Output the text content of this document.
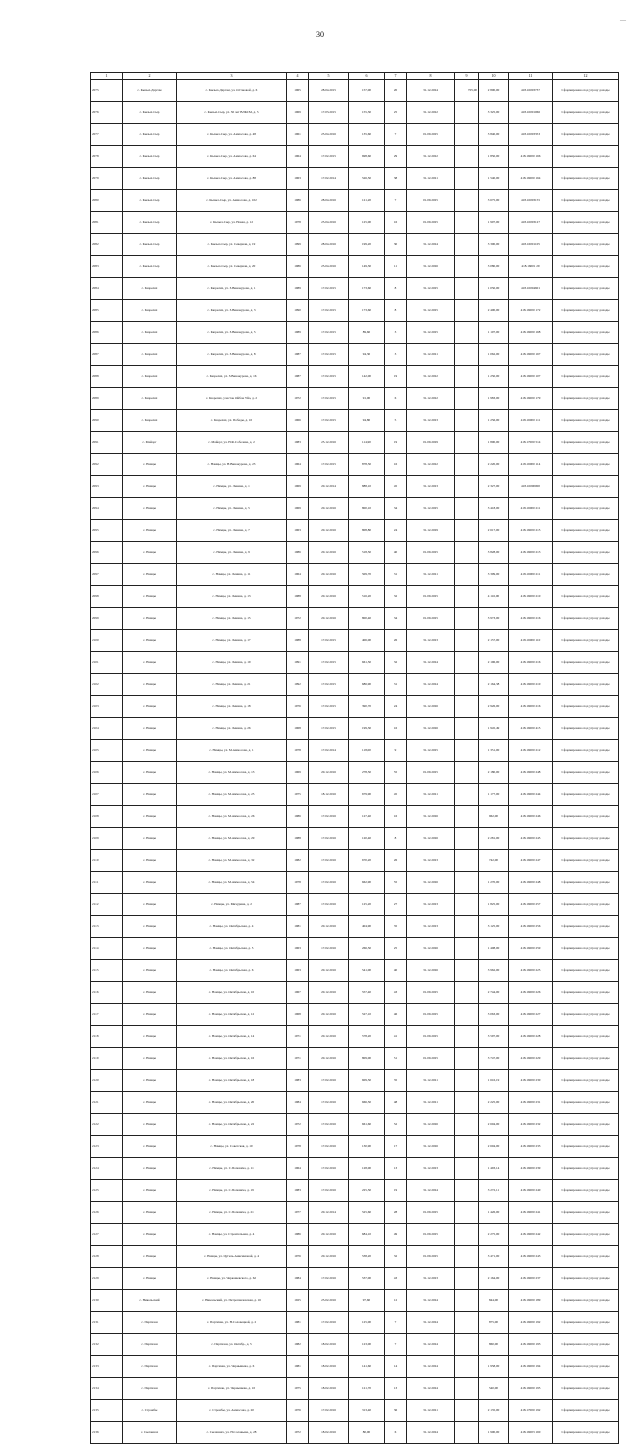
30
—
1	2	3	4	5	6	7	8	9	10	11	12
2075	с. Кызыл-Даргам	с. Кызыл-Даргам, ул. О.Гаковой, д. 6	1965	28.04.2015	157,00	20	31.12.2024	705,00	2 800,00	418.16003737	Сформировано под угрозу доходы
2076	с. Кызыл-Сыр	с. Кызыл-Сыр, ул. 30 лет ВЛКСМ, д. 5	1969	17.03.2015	155,30	25	31.12.2022		3 325,00	418.16001066	Сформировано под угрозу доходы
2077	с. Кызыл-Сыр	с. Кызыл-Сыр, ул. Аммосова, д. 48	1961	25.04.2016	135,60	7	01.09.2025		3 840,00	418.16003353	Сформировано под угрозу доходы
2078	с. Кызыл-Сыр	с. Кызыл-Сыр, ул. Аммосова, д. 64	1964	17.02.2015	698,60	29	31.12.2022		1 850,00	418.16000 166	Сформировано под угрозу доходы
2079	с. Кызыл-Сыр	с. Кызыл-Сыр, ул. Аммосова, д. 88	1963	17.02.2014	526,50	38	31.12.2021		1 540,00	418.16000 164	Сформировано под угрозу доходы
2080	с. Кызыл-Сыр	с. Кызыл-Сыр, ул. Аммосова, д. 102	1986	28.04.2016	121,20	7	01.09.2025		3 675,00	418.16003155	Сформировано под угрозу доходы
2081	с. Кызыл-Сыр	с. Кызыл-Сыр, ул. Новая, д. 12	1978	25.04.2016	125,00	16	01.09.2025		1 907,00	418.16003127	Сформировано под угрозу доходы
2082	с. Кызыл-Сыр	с. Кызыл-Сыр, ул. Северная, д. 19	1999	28.04.2016	199,20	30	31.12.2024		3 300,00	418.16001105	Сформировано под угрозу доходы
2083	с. Кызыл-Сыр	с. Кызыл-Сыр, ул. Северная, д. 20	1986	25.04.2016	149,30	11	31.12.2026		3 080,00	418.16001 29	Сформировано под угрозу доходы
2084	с. Кюрелях	с. Кюрелях, ул. З.Винокурова, д. 1	1989	17.02.2015	173,60	8	31.12.2025		1 050,00	418.16004601	Сформировано под угрозу доходы
2085	с. Кюрелях	с. Кюрелях, ул. З.Винокурова, д. 3	1990	17.02.2015	173,60	8	31.12.2025		2 400,00	418.16000 172	Сформировано под угрозу доходы
2086	с. Кюрелях	с. Кюрелях, ул. З.Винокурова, д. 5	1989	17.02.2015	89,60	3	31.12.2025		1 107,00	418.16000 168	Сформировано под угрозу доходы
2087	с. Кюрелях	с. Кюрелях, ул. З.Винокурова, д. 8	1987	17.02.2015	94,30	3	31.12.2021		1 062,00	418.16000 167	Сформировано под угрозу доходы
2088	с. Кюрелях	с. Кюрелях, ул. З.Винокурова, д. 16	1987	17.02.2015	142,00	19	31.12.2022		1 250,00	418.16000 107	Сформировано под угрозу доходы
2089	с. Кюрелях	с. Кюрелях, участок Ойбон Уйа, д. 2	1972	17.02.2015	91,00	6	31.12.2022		1 983,00	418.16000 179	Сформировано под угрозу доходы
2090	с. Кюрелях	с. Кюрелях, ул. Победы, д. 10	1966	17.02.2015	94,80	5	31.12.2023		1 256,00	418.16000 111	Сформировано под угрозу доходы
2091	с. Майорг	с. Майорг, ул. Н.Ф.Соболева, д. 2	1983	25.12.2016	114,90	19	01.09.2029		1 800,00	418.17000 514	Сформировано под угрозу доходы
2092	с. Намцы	с. Намцы, ул. Н.Винокурова, д. 23	1964	17.02.2015	878,50	16	31.12.2022		2 220,00	418.16000 114	Сформировано под угрозу доходы
2093	с. Намцы	с. Намцы, ул. Ленина, д. 1	1969	20.12.2014	888,10	45	31.12.2023		2 327,00	418.16000000	Сформировано под угрозу доходы
2094	с. Намцы	с. Намцы, ул. Ленина, д. 5	1969	20.12.2016	800,10	34	31.12.2025		3 418,00	418.16000 211	Сформировано под угрозу доходы
2095	с. Намцы	с. Намцы, ул. Ленина, д. 7	1963	20.12.2016	808,80	24	31.12.2029		2 617,00	418.16000 215	Сформировано под угрозу доходы
2096	с. Намцы	с. Намцы, ул. Ленина, д. 9	1986	20.12.2016	518,50	40	01.09.2025		3 828,00	418.16000 213	Сформировано под угрозу доходы
2097	с. Намцы	с. Намцы, ул. Ленина, д. 11	1964	20.12.2016	509,70	31	31.12.2021		3 309,00	418.16000 211	Сформировано под угрозу доходы
2098	с. Намцы	с. Намцы, ул. Ленина, д. 13	1988	20.12.2016	516,20	32	01.09.2025		4 116,00	418.16000 210	Сформировано под угрозу доходы
2099	с. Намцы	с. Намцы, ул. Ленина, д. 15	1972	20.12.2016	800,40	34	01.09.2025		3 973,00	418.16000 216	Сформировано под угрозу доходы
2100	с. Намцы	с. Намцы, ул. Ленина, д. 17	1988	17.02.2015	406,00	26	31.12.2023		2 157,00	418.16000 110	Сформировано под угрозу доходы
2101	с. Намцы	с. Намцы, ул. Ленина, д. 19	1991	17.02.2015	661,50	32	31.12.2024		2 196,00	418.16000 216	Сформировано под угрозу доходы
2102	с. Намцы	с. Намцы, ул. Ленина, д. 21	1992	17.02.2015	686,90	31	31.12.2024		2 164,38	418.16000 210	Сформировано под угрозу доходы
2103	с. Намцы	с. Намцы, ул. Ленина, д. 18	1976	17.02.2015	390,70	24	31.12.2026		2 926,00	418.16000 216	Сформировано под угрозу доходы
2104	с. Намцы	с. Намцы, ул. Ленина, д. 26	1968	17.02.2015	199,30	16	31.12.2026		1 945,49	418.16000 415	Сформировано под угрозу доходы
2105	с. Намцы	с. Намцы, ул. М.Аммосова, д. 1	1978	17.02.2014	118,00	9	31.12.2025		1 351,00	418.16000 212	Сформировано под угрозу доходы
2106	с. Намцы	с. Намцы, ул. М.Аммосова, д. 13	1969	20.12.2016	278,50	55	01.09.2025		2 180,00	418.16000 248	Сформировано под угрозу доходы
2107	с. Намцы	с. Намцы, ул. М.Аммосова, д. 25	1975	18.12.2016	679,90	45	31.12.2021		1 177,00	418.16000 244	Сформировано под угрозу доходы
2108	с. Намцы	с. Намцы, ул. М.Аммосова, д. 26	1986	17.02.2016	127,40	16	31.12.2026		962,00	418.16000 246	Сформировано под угрозу доходы
2109	с. Намцы	с. Намцы, ул. М.Аммосова, д. 29	1988	17.02.2016	120,40	8	31.12.2026		2 281,00	418.16000 245	Сформировано под угрозу доходы
2110	с. Намцы	с. Намцы, ул. М.Аммосова, д. 32	1982	17.02.2016	670,20	26	31.12.2023		742,00	418.16000 247	Сформировано под угрозу доходы
2111	с. Намцы	с. Намцы, ул. М.Аммосова, д. 54	1978	17.02.2016	662,90	55	31.12.2026		1 270,00	418.16000 248	Сформировано под угрозу доходы
2112	с. Намцы	с. Намцы, ул. Мичурина, д. 2	1987	17.02.2016	125,20	27	31.12.2023		1 825,00	418.16000 257	Сформировано под угрозу доходы
2113	с. Намцы	с. Намцы, ул. Октябрьская, д. 4	1981	20.12.2016	404,90	35	31.12.2023		3 125,00	418.16000 256	Сформировано под угрозу доходы
2114	с. Намцы	с. Намцы, ул. Октябрьская, д. 5	1963	17.02.2016	266,50	25	31.12.2026		1 408,00	418.16000 259	Сформировано под угрозу доходы
2115	с. Намцы	с. Намцы, ул. Октябрьская, д. 6	1963	20.12.2016	541,00	40	31.12.2026		3 962,00	418.16000 225	Сформировано под угрозу доходы
2116	с. Намцы	с. Намцы, ул. Октябрьская, д. 10	1967	20.12.2016	557,40	43	01.09.2025		2 744,00	418.16000 226	Сформировано под угрозу доходы
2117	с. Намцы	с. Намцы, ул. Октябрьская, д. 12	1968	20.12.2016	527,10	46	01.09.2025		3 063,00	418.16000 227	Сформировано под угрозу доходы
2118	с. Намцы	с. Намцы, ул. Октябрьская, д. 14	1971	20.12.2016	578,20	41	01.09.2025		3 597,00	418.16000 228	Сформировано под угрозу доходы
2119	с. Намцы	с. Намцы, ул. Октябрьская, д. 16	1971	20.12.2016	809,00	51	01.09.2025		3 747,00	418.16000 229	Сформировано под угрозу доходы
2120	с. Намцы	с. Намцы, ул. Октябрьская, д. 18	1983	17.02.2016	609,50	35	31.12.2021		1 616,19	418.16000 230	Сформировано под угрозу доходы
2121	с. Намцы	с. Намцы, ул. Октябрьская, д. 20	1984	17.02.2016	666,50	48	31.12.2021		2 225,00	418.16000 231	Сформировано под угрозу доходы
2122	с. Намцы	с. Намцы, ул. Октябрьская, д. 22	1972	17.02.2016	661,60	52	31.12.2026		2 604,00	418.16000 232	Сформировано под угрозу доходы
2123	с. Намцы	с. Намцы, ул. Советская, д. 10	1978	17.02.2016	130,90	17	31.12.2026		2 604,00	418.16000 233	Сформировано под угрозу доходы
2124	с. Намцы	с. Намцы, ул. С.Поповича, д. 11	1964	17.02.2016	128,00	13	31.12.2023		1 493,14	418.16000 239	Сформировано под угрозу доходы
2125	с. Намцы	с. Намцы, ул. С.Поповича, д. 19	1983	17.02.2016	225,50	19	31.12.2024		3 272,11	418.16000 240	Сформировано под угрозу доходы
2126	с. Намцы	с. Намцы, ул. С.Поповича, д. 21	1977	20.12.2014	525,60	28	01.09.2025		1 426,00	418.16000 241	Сформировано под угрозу доходы
2127	с. Намцы	с. Намцы, ул. Строительная, д. 4	1986	20.12.2016	684,10	49	01.09.2025		2 275,00	418.16000 242	Сформировано под угрозу доходы
2128	с. Намцы	с. Намцы, ул. Цугель-Анисимовой, д. 4	1976	20.12.2016	538,20	32	01.09.2025		3 471,00	418.16000 243	Сформировано под угрозу доходы
2129	с. Намцы	с. Намцы, ул. Черкашевского, д. 62	1984	17.02.2016	537,00	43	31.12.2023		2 164,00	418.16000 237	Сформировано под угрозу доходы
2130	с. Никольский	с. Никольский, ул. Петропавловская, д. 16	1925	25.02.2016	97,60	12	31.12.2024		844,00	418.16000 189	Сформировано под угрозу доходы
2131	с. Партизан	с. Партизан, ул. Н.Соловецкой, д. 2	1981	17.02.2016	125,00	7	31.12.2024		875,00	418.16000 192	Сформировано под угрозу доходы
2132	с. Партизан	с. Партизан, ул. Октябр., д. 5	1982	18.02.2016	123,00	7	31.12.2024		860,00	418.16000 193	Сформировано под угрозу доходы
2133	с. Партизан	с. Партизан, ул. Чернышева, д. 6	1981	18.02.2016	141,60	14	31.12.2024		1 958,00	418.16000 194	Сформировано под угрозу доходы
2134	с. Партизан	с. Партизан, ул. Чернышева, д. 10	1975	18.02.2016	121,70	13	31.12.2024		540,00	418.16000 195	Сформировано под угрозу доходы
2135	с. Строибы	с. Строибы, ул. Аммосова, д. 20	1976	17.02.2016	313,40	36	31.12.2021		2 135,00	418.17000 192	Сформировано под угрозу доходы
2136	с. Сыланнах	с. Сыланнах, ул. Н.Соловьева, д. 28	1972	18.02.2016	80,00	6	31.12.2024		1 900,00	418.16003 160	Сформировано под угрозу доходы
